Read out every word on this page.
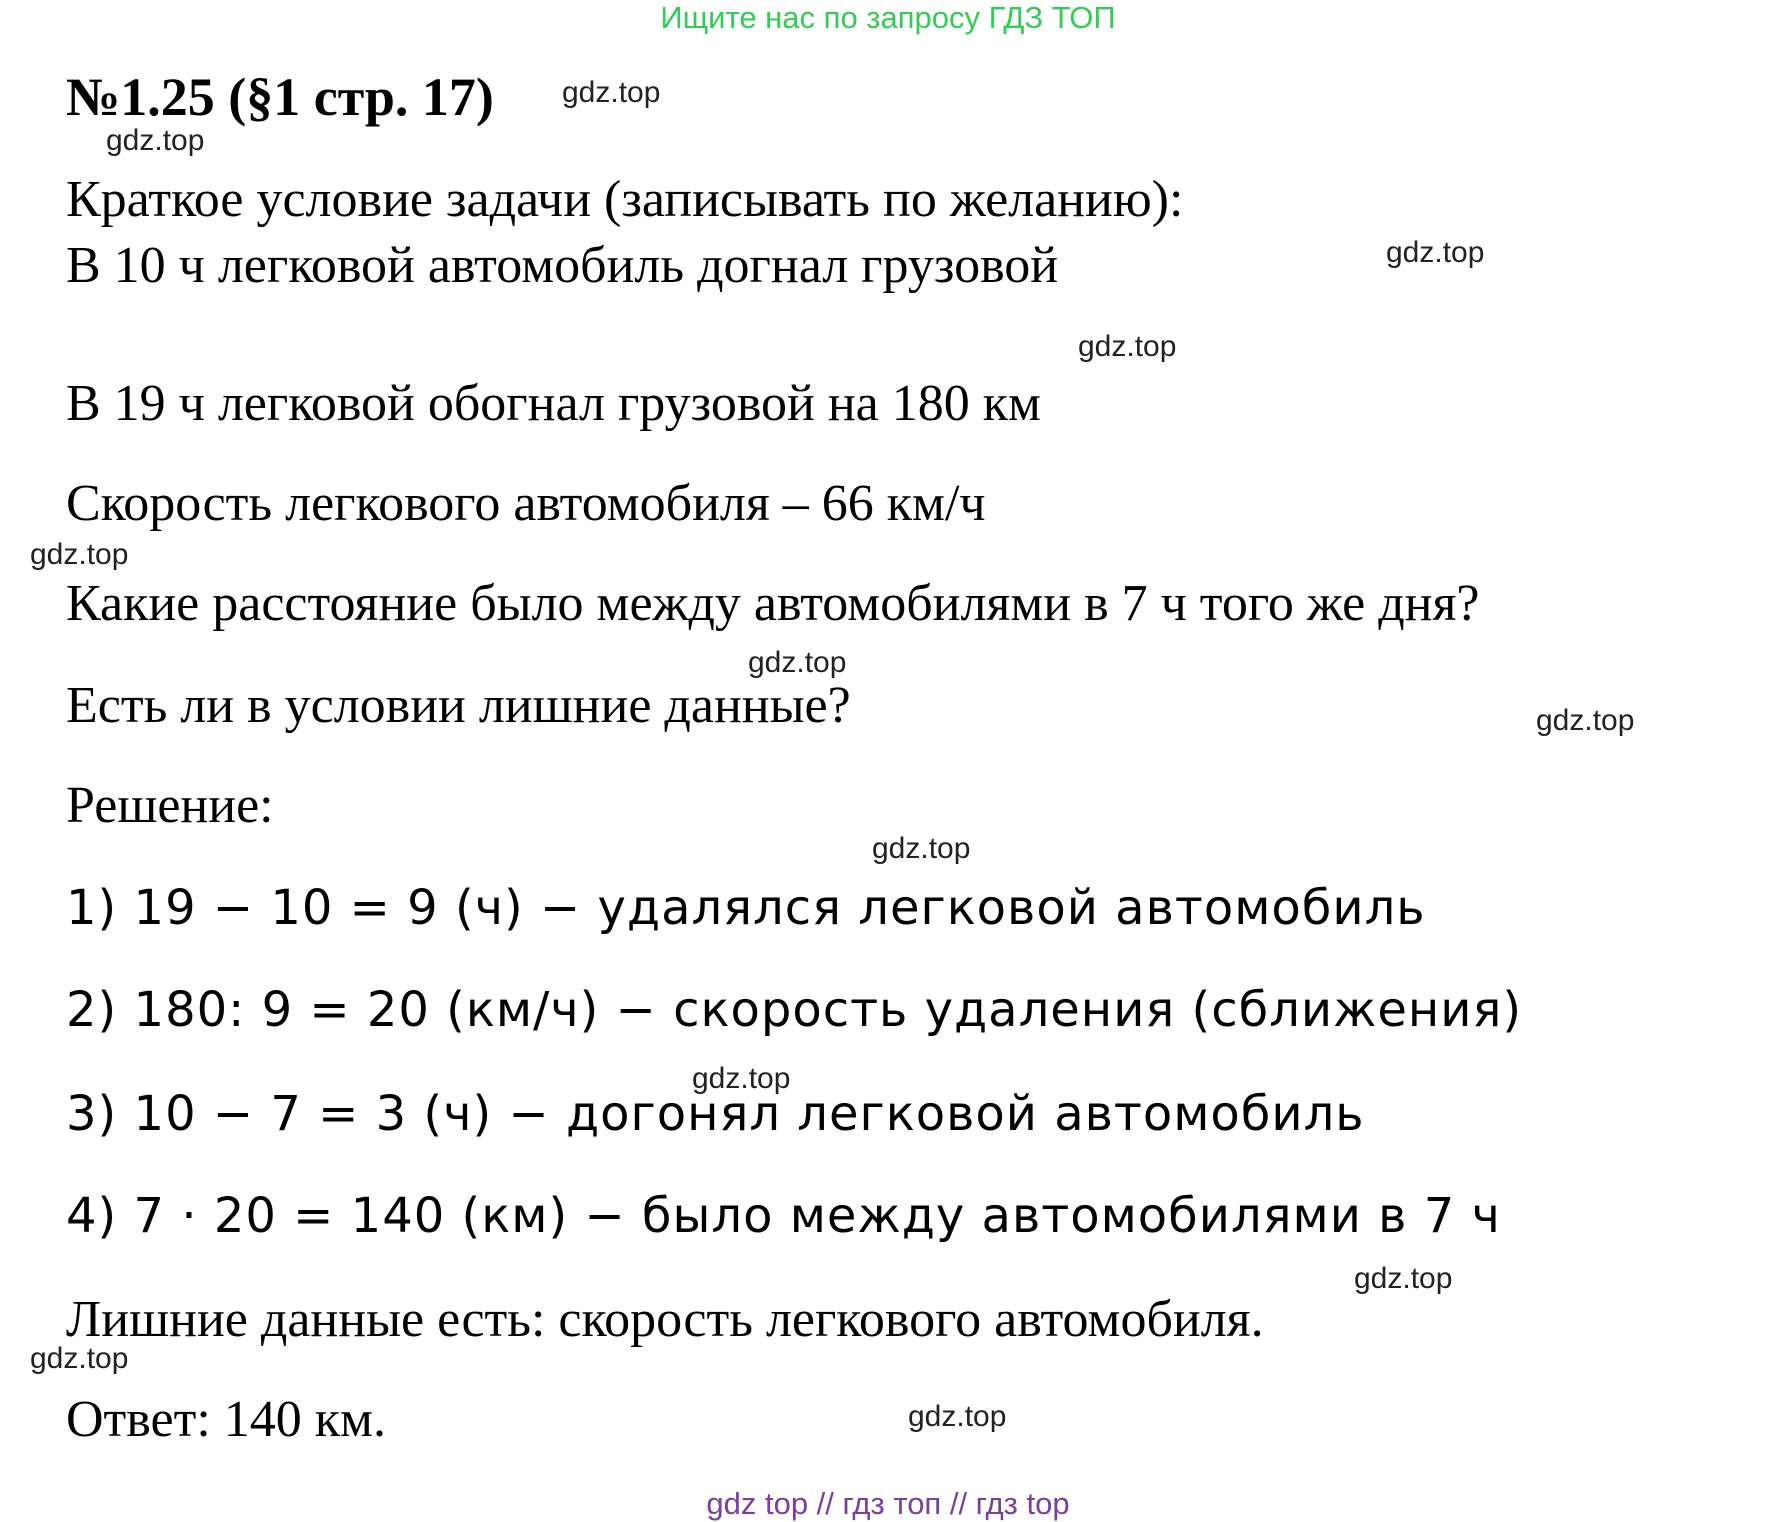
Ищите нас по запросу ГДЗ ТОП
№1.25 (§1 стр. 17)
Краткое условие задачи (записывать по желанию):
В 10 ч легковой автомобиль догнал грузовой
В 19 ч легковой обогнал грузовой на 180 км
Скорость легкового автомобиля – 66 км/ч
Какие расстояние было между автомобилями в 7 ч того же дня?
Есть ли в условии лишние данные?
Решение:
1) 19 − 10 = 9 (ч) − удалялся легковой автомобиль
2) 180: 9 = 20 (км/ч) − скорость удаления (сближения)
3) 10 − 7 = 3 (ч) − догонял легковой автомобиль
4) 7 · 20 = 140 (км) − было между автомобилями в 7 ч
Лишние данные есть: скорость легкового автомобиля.
Ответ: 140 км.
gdz.top
gdz.top
gdz.top
gdz.top
gdz.top
gdz.top
gdz.top
gdz.top
gdz.top
gdz.top
gdz.top
gdz.top
gdz top // гдз топ // гдз top
